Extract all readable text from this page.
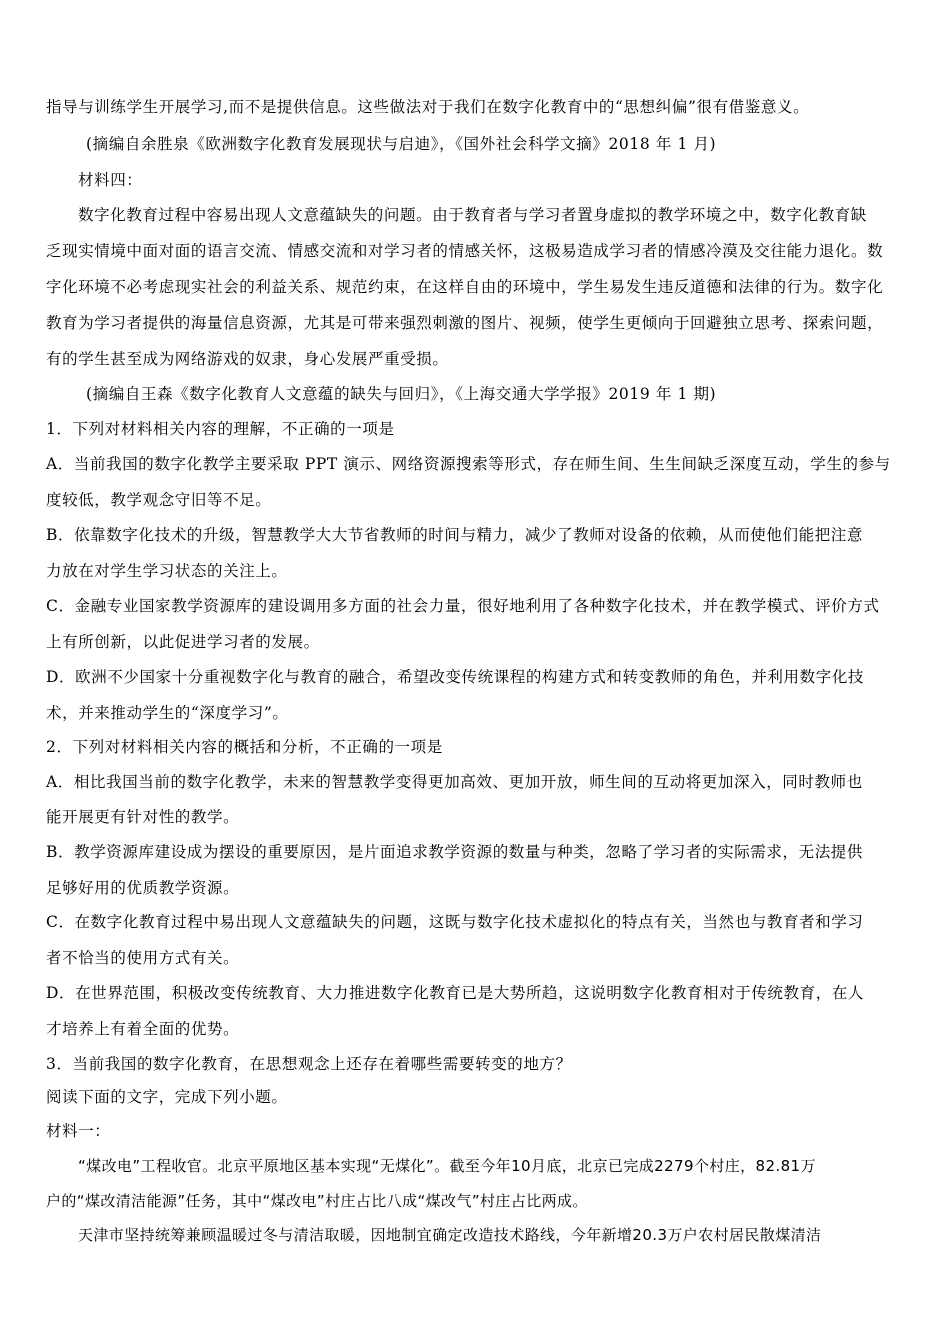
指导与训练学生开展学习,而不是提供信息。这些做法对于我们在数字化教育中的“思想纠偏”很有借鉴意义。
(摘编自余胜泉《欧洲数字化教育发展现状与启迪》，《国外社会科学文摘》2018 年 1 月)
材料四：
数字化教育过程中容易出现人文意蕴缺失的问题。由于教育者与学习者置身虚拟的教学环境之中，数字化教育缺
乏现实情境中面对面的语言交流、情感交流和对学习者的情感关怀，这极易造成学习者的情感冷漠及交往能力退化。数
字化环境不必考虑现实社会的利益关系、规范约束，在这样自由的环境中，学生易发生违反道德和法律的行为。数字化
教育为学习者提供的海量信息资源，尤其是可带来强烈刺激的图片、视频，使学生更倾向于回避独立思考、探索问题，
有的学生甚至成为网络游戏的奴隶，身心发展严重受损。
(摘编自王森《数字化教育人文意蕴的缺失与回归》，《上海交通大学学报》2019 年 1 期)
1．下列对材料相关内容的理解，不正确的一项是
A．当前我国的数字化教学主要采取 PPT 演示、网络资源搜索等形式，存在师生间、生生间缺乏深度互动，学生的参与
度较低，教学观念守旧等不足。
B．依靠数字化技术的升级，智慧教学大大节省教师的时间与精力，减少了教师对设备的依赖，从而使他们能把注意
力放在对学生学习状态的关注上。
C．金融专业国家教学资源库的建设调用多方面的社会力量，很好地利用了各种数字化技术，并在教学模式、评价方式
上有所创新，以此促进学习者的发展。
D．欧洲不少国家十分重视数字化与教育的融合，希望改变传统课程的构建方式和转变教师的角色，并利用数字化技
术，并来推动学生的“深度学习”。
2．下列对材料相关内容的概括和分析，不正确的一项是
A．相比我国当前的数字化教学，未来的智慧教学变得更加高效、更加开放，师生间的互动将更加深入，同时教师也
能开展更有针对性的教学。
B．教学资源库建设成为摆设的重要原因，是片面追求教学资源的数量与种类，忽略了学习者的实际需求，无法提供
足够好用的优质教学资源。
C．在数字化教育过程中易出现人文意蕴缺失的问题，这既与数字化技术虚拟化的特点有关，当然也与教育者和学习
者不恰当的使用方式有关。
D．在世界范围，积极改变传统教育、大力推进数字化教育已是大势所趋，这说明数字化教育相对于传统教育，在人
才培养上有着全面的优势。
3．当前我国的数字化教育，在思想观念上还存在着哪些需要转变的地方？
阅读下面的文字，完成下列小题。
材料一：
“煤改电”工程收官。北京平原地区基本实现“无煤化”。截至今年10月底，北京已完成2279个村庄，82.81万
户的“煤改清洁能源”任务，其中“煤改电”村庄占比八成“煤改气”村庄占比两成。
天津市坚持统筹兼顾温暖过冬与清洁取暖，因地制宜确定改造技术路线，今年新增20.3万户农村居民散煤清洁
